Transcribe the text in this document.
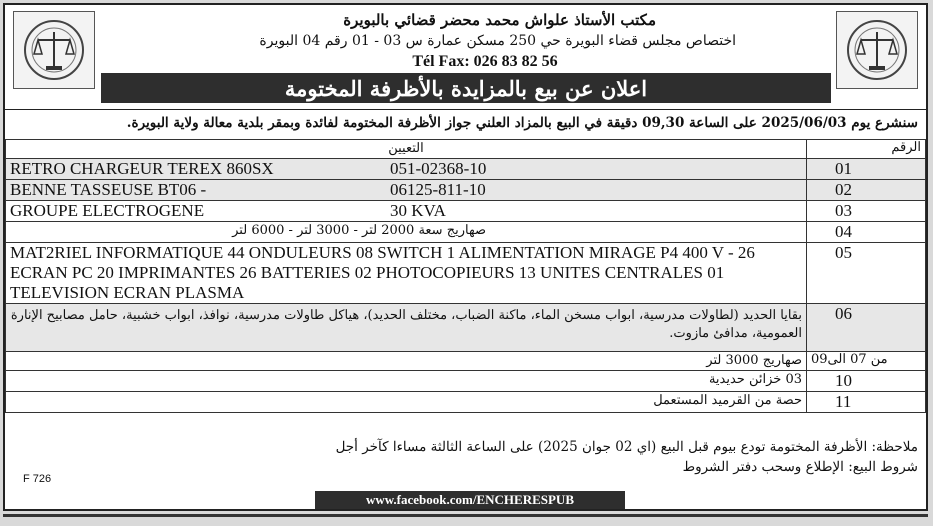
مكتب الأستاذ علواش محمد محضر قضائي بالبويرة
اختصاص مجلس قضاء البويرة حي 250 مسكن عمارة س 03 - 01 رقم 04 البويرة
Tél Fax: 026 83 82 56
اعلان عن بيع بالمزايدة بالأظرفة المختومة
سنشرع يوم 2025/06/03 على الساعة 09,30 دقيقة في البيع بالمزاد العلني جواز الأظرفة المختومة لفائدة وبمقر بلدية معالة ولاية البويرة.
التعيين	الرقم
RETRO CHARGEUR TEREX 860SX 051-02368-10	01
BENNE TASSEUSE BT06 - 06125-811-10	02
GROUPE ELECTROGENE 30 KVA	03
صهاريج سعة 2000 لتر - 3000 لتر - 6000 لتر	04
MAT2RIEL INFORMATIQUE 44 ONDULEURS 08 SWITCH 1 ALIMENTATION MIRAGE P4 400 V - 26 ECRAN PC 20 IMPRIMANTES 26 BATTERIES 02 PHOTOCOPIEURS 13 UNITES CENTRALES 01 TELEVISION ECRAN PLASMA	05
بقايا الحديد (لطاولات مدرسية، ابواب مسخن الماء، ماكنة الضباب، مختلف الحديد)، هياكل طاولات مدرسية، نوافذ، ابواب خشبية، حامل مصابيح الإنارة العمومية، مدافئ مازوت.	06
صهاريج 3000 لتر	من 07 الى09
03 خزائن حديدية	10
حصة من القرميد المستعمل	11
ملاحظة: الأظرفة المختومة تودع بيوم قبل البيع (اي 02 جوان 2025) على الساعة الثالثة مساءا كآخر أجل
شروط البيع: الإطلاع وسحب دفتر الشروط
F 726
www.facebook.com/ENCHERESPUB
